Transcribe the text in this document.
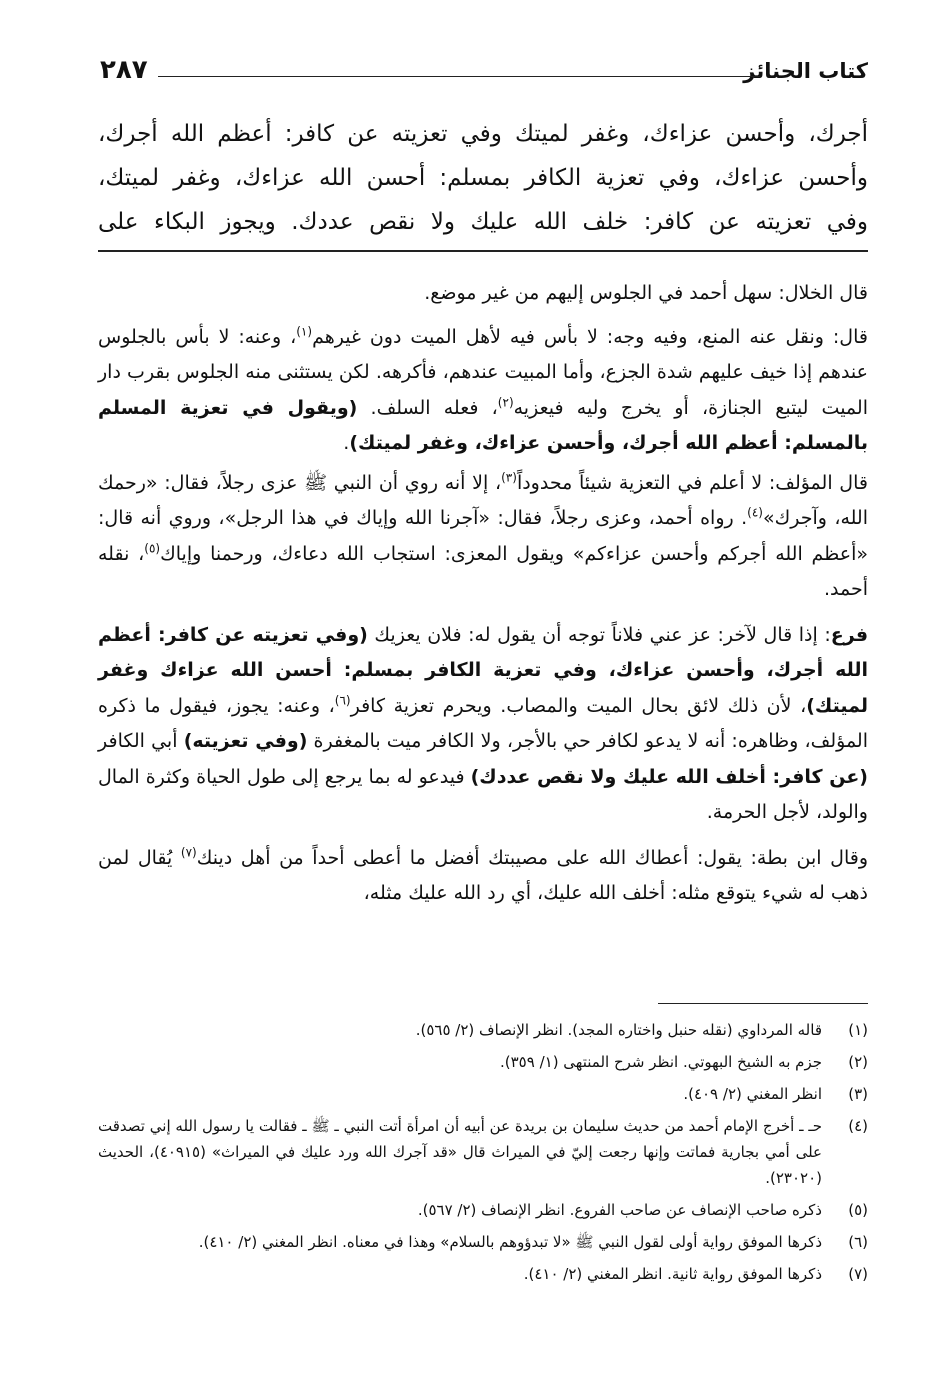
كتاب الجنائز
٢٨٧

أجرك، وأحسن عزاءك، وغفر لميتك وفي تعزيته عن كافر: أعظم الله أجرك،

وأحسن عزاءك، وفي تعزية الكافر بمسلم: أحسن الله عزاءك، وغفر لميتك،

وفي تعزيته عن كافر: خلف الله عليك ولا نقص عددك. ويجوز البكاء على

قال الخلال: سهل أحمد في الجلوس إليهم من غير موضع.

قال: ونقل عنه المنع، وفيه وجه: لا بأس فيه لأهل الميت دون غيرهم$^{(١)}$، وعنه: لا بأس بالجلوس عندهم إذا خيف عليهم شدة الجزع، وأما المبيت عندهم، فأكرهه. لكن يستثنى منه الجلوس بقرب دار الميت ليتبع الجنازة، أو يخرج وليه فيعزيه$^{(٢)}$، فعله السلف. (ويقول في تعزية المسلم بالمسلم: أعظم الله أجرك، وأحسن عزاءك، وغفر لميتك).

قال المؤلف: لا أعلم في التعزية شيئاً محدوداً$^{(٣)}$، إلا أنه روي أن النبي ﷺ عزى رجلاً، فقال: «رحمك الله، وآجرك»$^{(٤)}$. رواه أحمد، وعزى رجلاً، فقال: «آجرنا الله وإياك في هذا الرجل»، وروي أنه قال: «أعظم الله أجركم وأحسن عزاءكم» ويقول المعزى: استجاب الله دعاءك، ورحمنا وإياك$^{(٥)}$، نقله أحمد.

فرع: إذا قال لآخر: عز عني فلاناً توجه أن يقول له: فلان يعزيك (وفي تعزيته عن كافر: أعظم الله أجرك، وأحسن عزاءك، وفي تعزية الكافر بمسلم: أحسن الله عزاءك وغفر لميتك)، لأن ذلك لائق بحال الميت والمصاب. ويحرم تعزية كافر$^{(٦)}$، وعنه: يجوز، فيقول ما ذكره المؤلف، وظاهره: أنه لا يدعو لكافر حي بالأجر، ولا الكافر ميت بالمغفرة (وفي تعزيته) أبي الكافر (عن كافر: أخلف الله عليك ولا نقص عددك) فيدعو له بما يرجع إلى طول الحياة وكثرة المال والولد، لأجل الحرمة.

وقال ابن بطة: يقول: أعطاك الله على مصيبتك أفضل ما أعطى أحداً من أهل دينك$^{(٧)}$ يُقال لمن ذهب له شيء يتوقع مثله: أخلف الله عليك، أي رد الله عليك مثله،

(١)
قاله المرداوي (نقله حنبل واختاره المجد). انظر الإنصاف (٢/ ٥٦٥).
(٢)
جزم به الشيخ البهوتي. انظر شرح المنتهى (١/ ٣٥٩).
(٣)
انظر المغني (٢/ ٤٠٩).
(٤)
حـ ـ أخرج الإمام أحمد من حديث سليمان بن بريدة عن أبيه أن امرأة أتت النبي ـ ﷺ ـ فقالت يا رسول الله إني تصدقت على أمي بجارية فماتت وإنها رجعت إليّ في الميراث قال «قد آجرك الله ورد عليك في الميراث» (٤٠٩١٥)، الحديث (٢٣٠٢٠).
(٥)
ذكره صاحب الإنصاف عن صاحب الفروع. انظر الإنصاف (٢/ ٥٦٧).
(٦)
ذكرها الموفق رواية أولى لقول النبي ﷺ «لا تبدؤوهم بالسلام» وهذا في معناه. انظر المغني (٢/ ٤١٠).
(٧)
ذكرها الموفق رواية ثانية. انظر المغني (٢/ ٤١٠).
